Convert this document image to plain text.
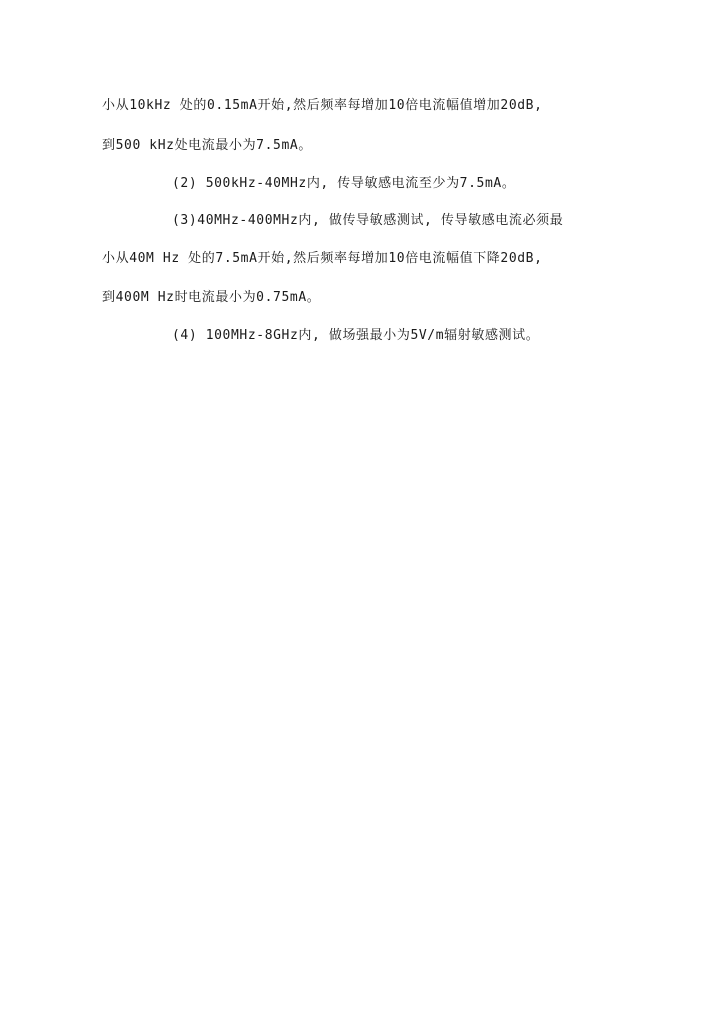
小从10kHz 处的0.15mA开始,然后频率每增加10倍电流幅值增加20dB,
到500 kHz处电流最小为7.5mA。
(2) 500kHz-40MHz内, 传导敏感电流至少为7.5mA。
(3)40MHz-400MHz内, 做传导敏感测试, 传导敏感电流必须最
小从40M Hz 处的7.5mA开始,然后频率每增加10倍电流幅值下降20dB,
到400M Hz时电流最小为0.75mA。
(4) 100MHz-8GHz内, 做场强最小为5V/m辐射敏感测试。
